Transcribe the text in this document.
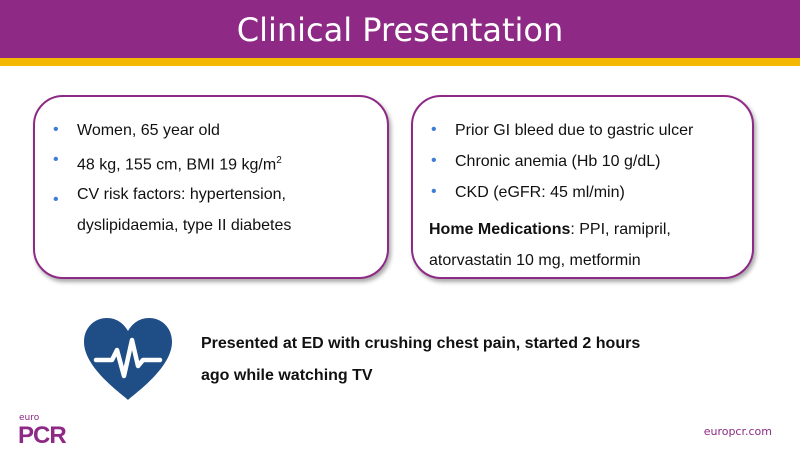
Clinical Presentation
• Women, 65 year old
• 48 kg, 155 cm, BMI 19 $kg/m^2$
• CV risk factors: hypertension, dyslipidaemia, type II diabetes
• Prior GI bleed due to gastric ulcer
• Chronic anemia (Hb 10 g/dL)
• CKD (eGFR: 45 ml/min)
Home Medications: PPI, ramipril, atorvastatin 10 mg, metformin
Presented at ED with crushing chest pain, started 2 hours ago while watching TV
euro
PCR	europcr.com
